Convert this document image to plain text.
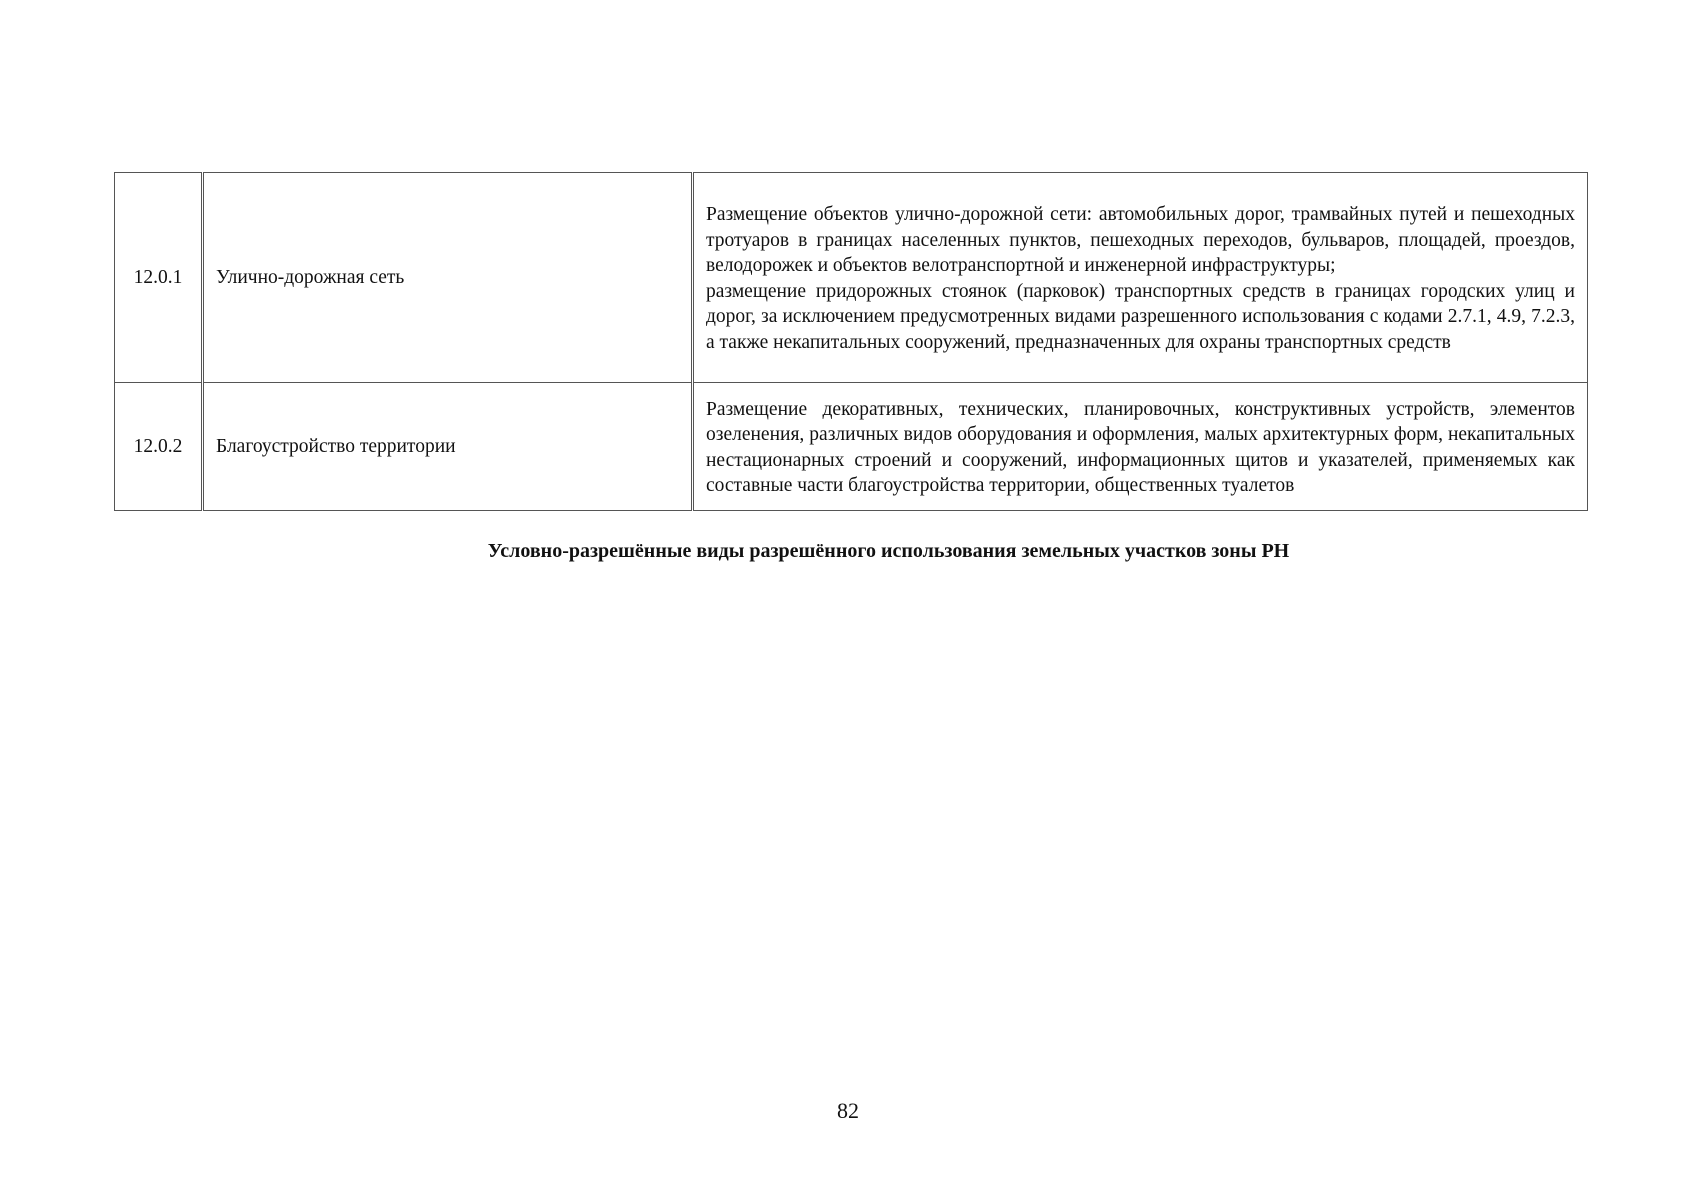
12.0.1	Улично-дорожная сеть	Размещение объектов улично-дорожной сети: автомобильных дорог, трамвайных путей и пешеходных тротуаров в границах населенных пунктов, пешеходных переходов, бульваров, площадей, проездов, велодорожек и объектов велотранспортной и инженерной инфраструктуры;

размещение придорожных стоянок (парковок) транспортных средств в границах городских улиц и дорог, за исключением предусмотренных видами разрешенного использования с кодами 2.7.1, 4.9, 7.2.3, а также некапитальных сооружений, предназначенных для охраны транспортных средств

12.0.2	Благоустройство территории	Размещение декоративных, технических, планировочных, конструктивных устройств, элементов озеленения, различных видов оборудования и оформления, малых архитектурных форм, некапитальных нестационарных строений и сооружений, информационных щитов и указателей, применяемых как составные части благоустройства территории, общественных туалетов

Условно-разрешённые виды разрешённого использования земельных участков зоны РН

82
